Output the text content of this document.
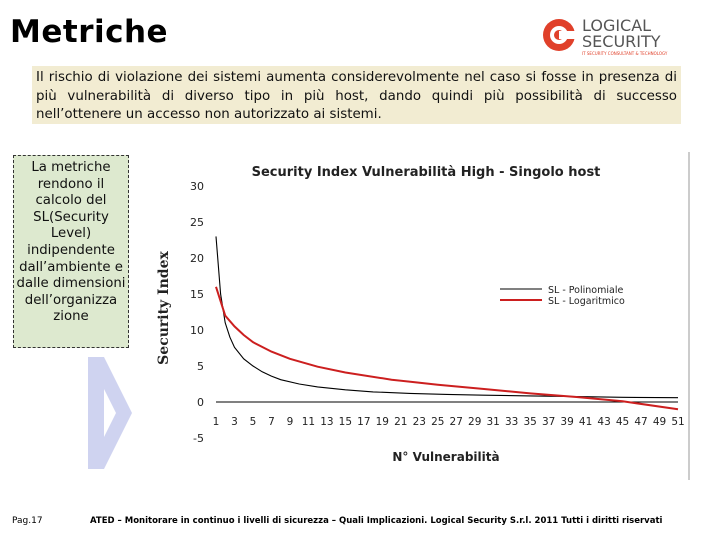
Metriche	LOGICAL
SECURITY
IT SECURITY CONSULTANT & TECHNOLOGY
Il rischio di violazione dei sistemi aumenta considerevolmente nel caso si fosse in presenza di più vulnerabilità di diverso tipo in più host, dando quindi più possibilità di successo nell’ottenere un accesso non autorizzato ai sistemi.
La metriche rendono il calcolo del SL(Security Level) indipendente dall’ambiente e dalle dimensioni dell’organizza zione
Security Index Vulnerabilità High - Singolo host
Security Index
N° Vulnerabilità
-5
0
5
10
15
20
25
30
1 3 5 7 9 11 13 15 17 19 21 23 25 27 29 31 33 35 37 39 41 43 45 47 49 51
SL - Polinomiale
SL - Logaritmico
Pag.17	ATED – Monitorare in continuo i livelli di sicurezza – Quali Implicazioni. Logical Security S.r.l. 2011 Tutti i diritti riservati
